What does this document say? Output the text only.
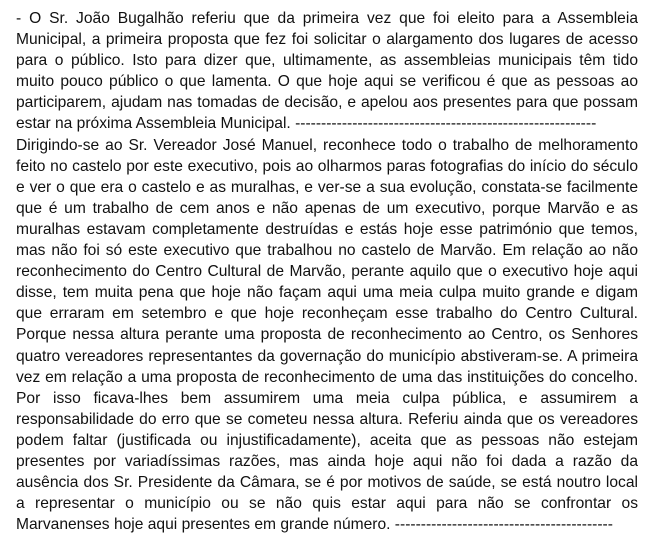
- O Sr. João Bugalhão referiu que da primeira vez que foi eleito para a Assembleia
Municipal, a primeira proposta que fez foi solicitar o alargamento dos lugares de acesso
para o público. Isto para dizer que, ultimamente, as assembleias municipais têm tido
muito pouco público o que lamenta. O que hoje aqui se verificou é que as pessoas ao
participarem, ajudam nas tomadas de decisão, e apelou aos presentes para que possam
estar na próxima Assembleia Municipal. ----------------------------------------------------------
Dirigindo-se ao Sr. Vereador José Manuel, reconhece todo o trabalho de melhoramento
feito no castelo por este executivo, pois ao olharmos paras fotografias do início do século
e ver o que era o castelo e as muralhas, e ver-se a sua evolução, constata-se facilmente
que é um trabalho de cem anos e não apenas de um executivo, porque Marvão e as
muralhas estavam completamente destruídas e estás hoje esse património que temos,
mas não foi só este executivo que trabalhou no castelo de Marvão. Em relação ao não
reconhecimento do Centro Cultural de Marvão, perante aquilo que o executivo hoje aqui
disse, tem muita pena que hoje não façam aqui uma meia culpa muito grande e digam
que erraram em setembro e que hoje reconheçam esse trabalho do Centro Cultural.
Porque nessa altura perante uma proposta de reconhecimento ao Centro, os Senhores
quatro vereadores representantes da governação do município abstiveram-se. A primeira
vez em relação a uma proposta de reconhecimento de uma das instituições do concelho.
Por isso ficava-lhes bem assumirem uma meia culpa pública, e assumirem a
responsabilidade do erro que se cometeu nessa altura. Referiu ainda que os vereadores
podem faltar (justificada ou injustificadamente), aceita que as pessoas não estejam
presentes por variadíssimas razões, mas ainda hoje aqui não foi dada a razão da
ausência dos Sr. Presidente da Câmara, se é por motivos de saúde, se está noutro local
a representar o município ou se não quis estar aqui para não se confrontar os
Marvanenses hoje aqui presentes em grande número. ------------------------------------------
